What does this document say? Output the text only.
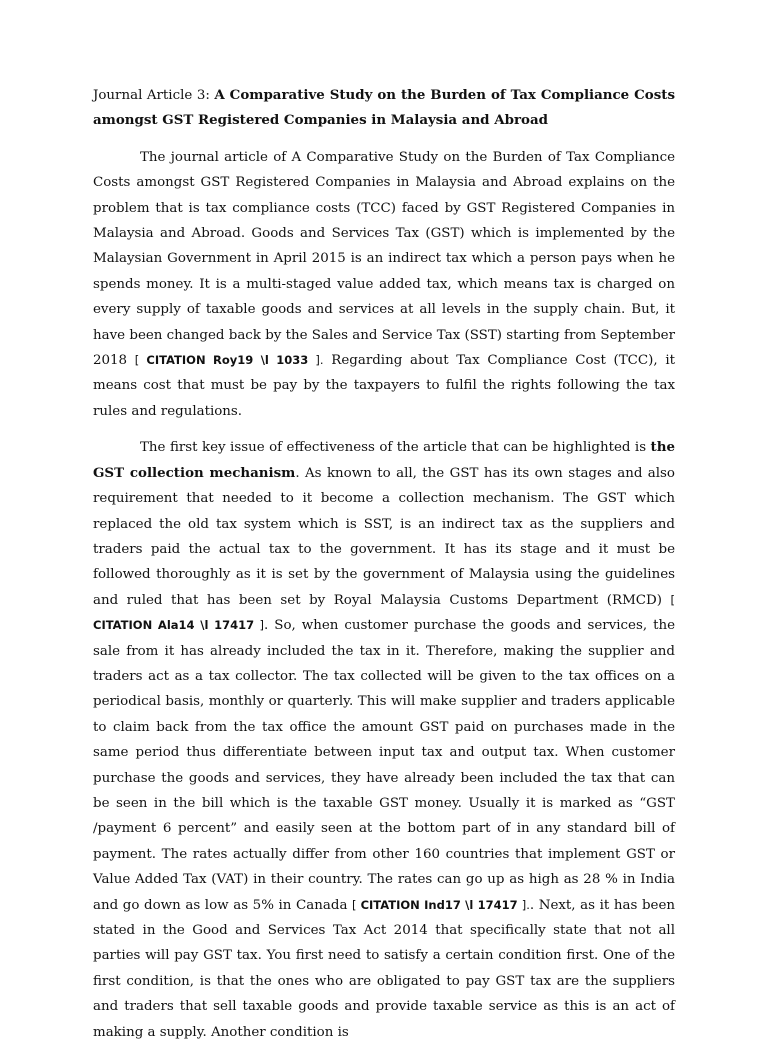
Journal Article 3: A Comparative Study on the Burden of Tax Compliance Costs amongst GST Registered Companies in Malaysia and Abroad

The journal article of A Comparative Study on the Burden of Tax Compliance Costs amongst GST Registered Companies in Malaysia and Abroad explains on the problem that is tax compliance costs (TCC) faced by GST Registered Companies in Malaysia and Abroad. Goods and Services Tax (GST) which is implemented by the Malaysian Government in April 2015 is an indirect tax which a person pays when he spends money. It is a multi-staged value added tax, which means tax is charged on every supply of taxable goods and services at all levels in the supply chain. But, it have been changed back by the Sales and Service Tax (SST) starting from September 2018 [ CITATION Roy19 \l 1033 ]. Regarding about Tax Compliance Cost (TCC), it means cost that must be pay by the taxpayers to fulfil the rights following the tax rules and regulations.

The first key issue of effectiveness of the article that can be highlighted is the GST collection mechanism. As known to all, the GST has its own stages and also requirement that needed to it become a collection mechanism. The GST which replaced the old tax system which is SST, is an indirect tax as the suppliers and traders paid the actual tax to the government. It has its stage and it must be followed thoroughly as it is set by the government of Malaysia using the guidelines and ruled that has been set by Royal Malaysia Customs Department (RMCD) [ CITATION Ala14 \l 17417 ]. So, when customer purchase the goods and services, the sale from it has already included the tax in it. Therefore, making the supplier and traders act as a tax collector. The tax collected will be given to the tax offices on a periodical basis, monthly or quarterly. This will make supplier and traders applicable to claim back from the tax office the amount GST paid on purchases made in the same period thus differentiate between input tax and output tax. When customer purchase the goods and services, they have already been included the tax that can be seen in the bill which is the taxable GST money. Usually it is marked as “GST /payment 6 percent” and easily seen at the bottom part of in any standard bill of payment. The rates actually differ from other 160 countries that implement GST or Value Added Tax (VAT) in their country. The rates can go up as high as 28 % in India and go down as low as 5% in Canada [ CITATION Ind17 \l 17417 ].. Next, as it has been stated in the Good and Services Tax Act 2014 that specifically state that not all parties will pay GST tax. You first need to satisfy a certain condition first. One of the first condition, is that the ones who are obligated to pay GST tax are the suppliers and traders that sell taxable goods and provide taxable service as this is an act of making a supply. Another condition is
